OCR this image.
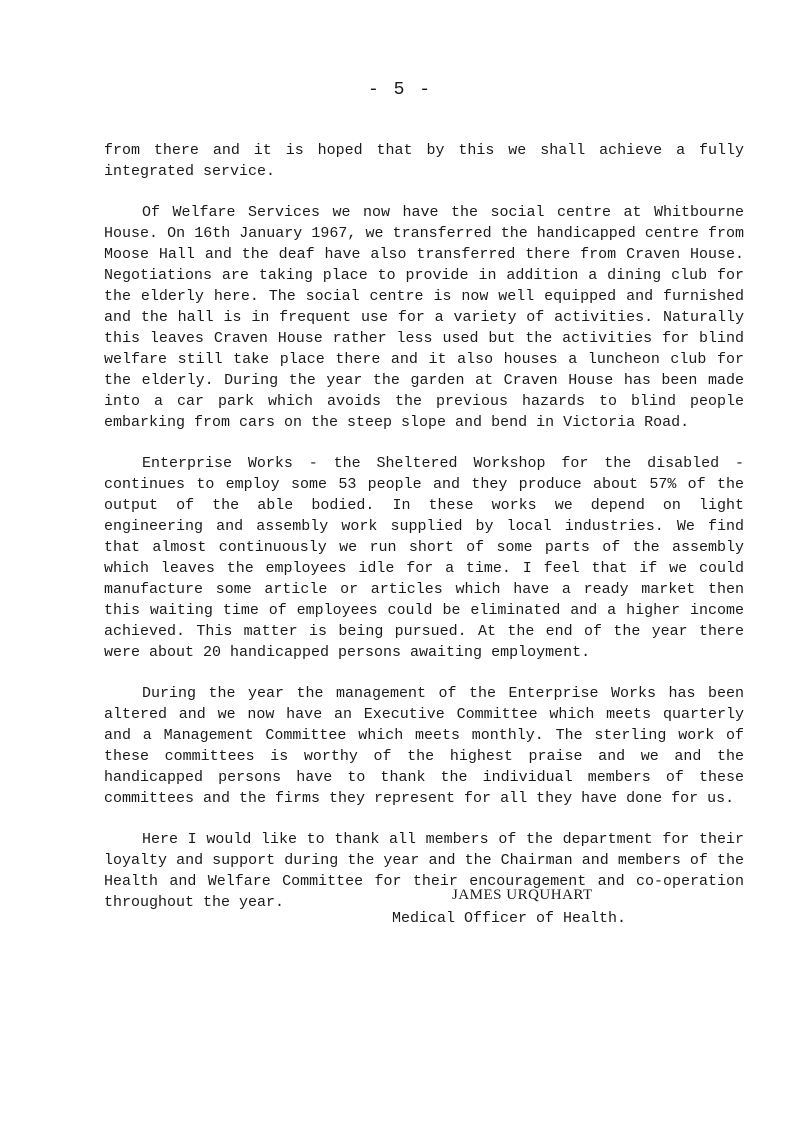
- 5 -

from there and it is hoped that by this we shall achieve a fully integrated service.

Of Welfare Services we now have the social centre at Whitbourne House. On 16th January 1967, we transferred the handicapped centre from Moose Hall and the deaf have also transferred there from Craven House. Negotiations are taking place to provide in addition a dining club for the elderly here. The social centre is now well equipped and furnished and the hall is in frequent use for a variety of activities. Naturally this leaves Craven House rather less used but the activities for blind welfare still take place there and it also houses a luncheon club for the elderly. During the year the garden at Craven House has been made into a car park which avoids the previous hazards to blind people embarking from cars on the steep slope and bend in Victoria Road.

Enterprise Works - the Sheltered Workshop for the disabled - continues to employ some 53 people and they produce about 57% of the output of the able bodied. In these works we depend on light engineering and assembly work supplied by local industries. We find that almost continuously we run short of some parts of the assembly which leaves the employees idle for a time. I feel that if we could manufacture some article or articles which have a ready market then this waiting time of employees could be eliminated and a higher income achieved. This matter is being pursued. At the end of the year there were about 20 handicapped persons awaiting employment.

During the year the management of the Enterprise Works has been altered and we now have an Executive Committee which meets quarterly and a Management Committee which meets monthly. The sterling work of these committees is worthy of the highest praise and we and the handicapped persons have to thank the individual members of these committees and the firms they represent for all they have done for us.

Here I would like to thank all members of the department for their loyalty and support during the year and the Chairman and members of the Health and Welfare Committee for their encouragement and co-operation throughout the year.	JAMES URQUHART
Medical Officer of Health.
